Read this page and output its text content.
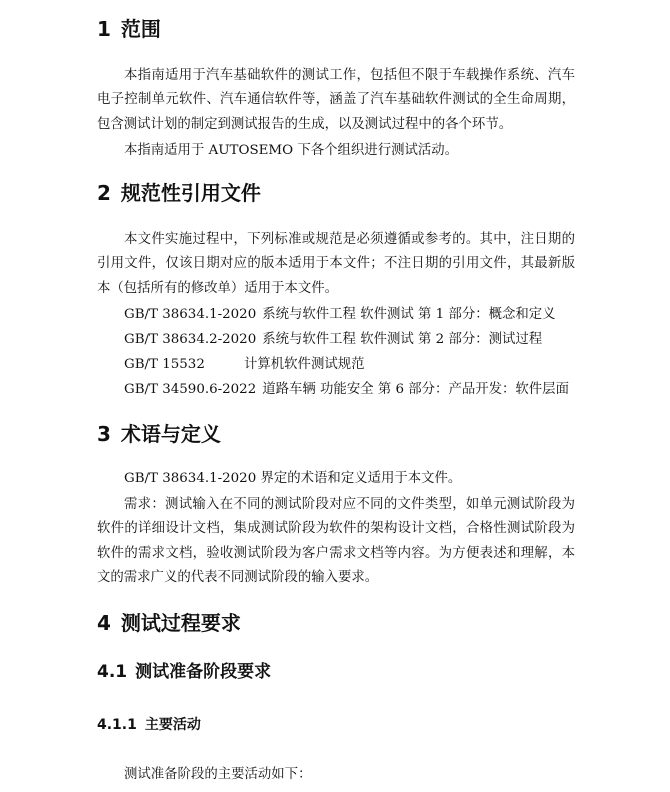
1 范围

本指南适用于汽车基础软件的测试工作，包括但不限于车载操作系统、汽车电子控制单元软件、汽车通信软件等，涵盖了汽车基础软件测试的全生命周期，包含测试计划的制定到测试报告的生成，以及测试过程中的各个环节。

本指南适用于 AUTOSEMO 下各个组织进行测试活动。

2 规范性引用文件

本文件实施过程中，下列标准或规范是必须遵循或参考的。其中，注日期的引用文件，仅该日期对应的版本适用于本文件；不注日期的引用文件，其最新版本（包括所有的修改单）适用于本文件。

GB/T 38634.1-2020 系统与软件工程 软件测试 第 1 部分：概念和定义
GB/T 38634.2-2020 系统与软件工程 软件测试 第 2 部分：测试过程
GB/T 15532	计算机软件测试规范
GB/T 34590.6-2022 道路车辆 功能安全 第 6 部分：产品开发：软件层面
3 术语与定义

GB/T 38634.1-2020 界定的术语和定义适用于本文件。

需求：测试输入在不同的测试阶段对应不同的文件类型，如单元测试阶段为软件的详细设计文档，集成测试阶段为软件的架构设计文档，合格性测试阶段为软件的需求文档，验收测试阶段为客户需求文档等内容。为方便表述和理解，本文的需求广义的代表不同测试阶段的输入要求。

4 测试过程要求
4.1 测试准备阶段要求
4.1.1 主要活动

测试准备阶段的主要活动如下：
